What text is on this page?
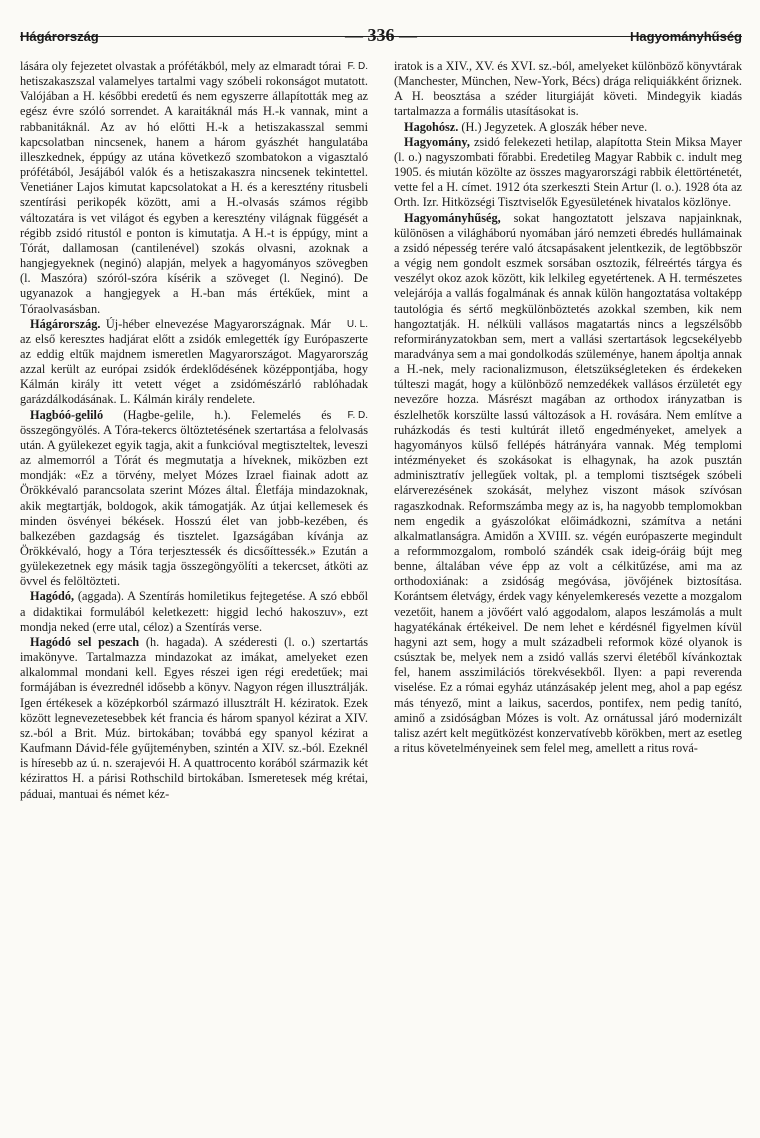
Hágárország	— 336 —	Hagyományhűség

F. D.
lására oly fejezetet olvastak a prófétákból, mely az elmaradt tórai hetiszakaszszal valamelyes tartalmi vagy szóbeli rokonságot mutatott. Valójában a H. későbbi eredetű és nem egyszerre állapították meg az egész évre szóló sorrendet. A karaitáknál más H.-k vannak, mint a rabbanitáknál. Az av hó előtti H.-k a hetiszakasszal semmi kapcsolatban nincsenek, hanem a három gyászhét hangulatába illeszkednek, éppúgy az utána következő szombatokon a vigasztaló prófétából, Jesájából valók és a hetiszakaszra nincsenek tekintettel. Venetiáner Lajos kimutat kapcsolatokat a H. és a keresztény ritusbeli szentírási perikopék között, ami a H.-olvasás számos régibb változatára is vet világot és egyben a keresztény világnak függését a régibb zsidó ritustól e ponton is kimutatja. A H.-t is éppúgy, mint a Tórát, dallamosan (cantilenével) szokás olvasni, azoknak a hangjegyeknek (neginó) alapján, melyek a hagyományos szövegben (l. Maszóra) szóról-szóra kísérik a szöveget (l. Neginó). De ugyanazok a hangjegyek a H.-ban más értékűek, mint a Tóraolvasásban.

U. L.
Hágárország. Új-héber elnevezése Magyarországnak. Már az első keresztes hadjárat előtt a zsidók emlegették így Európaszerte az eddig eltűk majdnem ismeretlen Magyarországot. Magyarország azzal került az európai zsidók érdeklődésének középpontjába, hogy Kálmán király itt vetett véget a zsidómészárló rablóhadak garázdálkodásának. L. Kálmán király rendelete.

F. D.
Hagbóó-geliló (Hagbe-gelile, h.). Felemelés és összegöngyölés. A Tóra-tekercs öltöztetésének szertartása a felolvasás után. A gyülekezet egyik tagja, akit a funkcióval megtiszteltek, leveszi az almemorról a Tórát és megmutatja a híveknek, miközben ezt mondják: «Ez a törvény, melyet Mózes Izrael fiainak adott az Örökkévaló parancsolata szerint Mózes által. Életfája mindazoknak, akik megtartják, boldogok, akik támogatják. Az útjai kellemesek és minden ösvényei békések. Hosszú élet van jobb-kezében, és balkezében gazdagság és tisztelet. Igazságában kívánja az Örökkévaló, hogy a Tóra terjesztessék és dicsőíttessék.» Ezután a gyülekezetnek egy másik tagja összegöngyölíti a tekercset, átköti az övvel és felöltözteti.

Hagódó, (aggada). A Szentírás homiletikus fejtegetése. A szó ebből a didaktikai formulából keletkezett: higgid lechó hakoszuv», ezt mondja neked (erre utal, céloz) a Szentírás verse.

Hagódó sel peszach (h. hagada). A széderesti (l. o.) szertartás imakönyve. Tartalmazza mindazokat az imákat, amelyeket ezen alkalommal mondani kell. Egyes részei igen régi eredetűek; mai formájában is évezrednél idősebb a könyv. Nagyon régen illusztrálják. Igen értékesek a középkorból származó illusztrált H. kéziratok. Ezek között legnevezetesebbek két francia és három spanyol kézirat a XIV. sz.-ból a Brit. Múz. birtokában; továbbá egy spanyol kézirat a Kaufmann Dávid-féle gyűjteményben, szintén a XIV. sz.-ból. Ezeknél is híresebb az ú. n. szerajevói H. A quattrocento korából származik két kézirattos H. a párisi Rothschild birtokában. Ismeretesek még krétai, páduai, mantuai és német kéz-

iratok is a XIV., XV. és XVI. sz.-ból, amelyeket különböző könyvtárak (Manchester, München, New-York, Bécs) drága reliquiákként őriznek. A H. beosztása a széder liturgiáját követi. Mindegyik kiadás tartalmazza a formális utasításokat is.

Hagohósz. (H.) Jegyzetek. A gloszák héber neve.

Hagyomány, zsidó felekezeti hetilap, alapította Stein Miksa Mayer (l. o.) nagyszombati főrabbi. Eredetileg Magyar Rabbik c. indult meg 1905. és miután közölte az összes magyarországi rabbik élettörténetét, vette fel a H. címet. 1912 óta szerkeszti Stein Artur (l. o.). 1928 óta az Orth. Izr. Hitközségi Tisztviselők Egyesületének hivatalos közlönye.

Hagyományhűség, sokat hangoztatott jelszava napjainknak, különösen a világháború nyomában járó nemzeti ébredés hullámainak a zsidó népesség terére való átcsapásakent jelentkezik, de legtöbbször a végig nem gondolt eszmek sorsában osztozik, félreértés tárgya és veszélyt okoz azok között, kik lelkileg egyetértenek. A H. természetes velejárója a vallás fogalmának és annak külön hangoztatása voltaképp tautológia és sértő megkülönböztetés azokkal szemben, kik nem hangoztatják. H. nélküli vallásos magatartás nincs a legszélsőbb reformirányzatokban sem, mert a vallási szertartások legcsekélyebb maradványa sem a mai gondolkodás szüleménye, hanem ápoltja annak a H.-nek, mely racionalizmuson, életszükségleteken és érdekeken túlteszi magát, hogy a különböző nemzedékek vallásos érzületét egy nevezőre hozza. Másrészt magában az orthodox irányzatban is észlelhetők korszülte lassú változások a H. rovására. Nem említve a ruházkodás és testi kultúrát illető engedményeket, amelyek a hagyományos külső fellépés hátrányára vannak. Még templomi intézményeket és szokásokat is elhagynak, ha azok pusztán adminisztratív jellegűek voltak, pl. a templomi tisztségek szóbeli elárverezésének szokását, melyhez viszont mások szívósan ragaszkodnak. Reformszámba megy az is, ha nagyobb templomokban nem engedik a gyászolókat előimádkozni, számítva a netáni alkalmatlanságra. Amidőn a XVIII. sz. végén európaszerte megindult a reformmozgalom, romboló szándék csak ideig-óráig bújt meg benne, általában véve épp az volt a célkitűzése, ami ma az orthodoxiának: a zsidóság megóvása, jövőjének biztosítása. Korántsem életvágy, érdek vagy kényelemkeresés vezette a mozgalom vezetőit, hanem a jövőért való aggodalom, alapos leszámolás a mult hagyatékának értékeivel. De nem lehet e kérdésnél figyelmen kívül hagyni azt sem, hogy a mult századbeli reformok közé olyanok is csúsztak be, melyek nem a zsidó vallás szervi életéből kívánkoztak fel, hanem asszimilációs törekvésekből. Ilyen: a papi reverenda viselése. Ez a római egyház utánzásakép jelent meg, ahol a pap egész más tényező, mint a laikus, sacerdos, pontifex, nem pedig tanító, aminő a zsidóságban Mózes is volt. Az ornátussal járó modernizált talisz azért kelt megütközést konzervatívebb körökben, mert az esetleg a ritus követelményeinek sem felel meg, amellett a ritus rová-
